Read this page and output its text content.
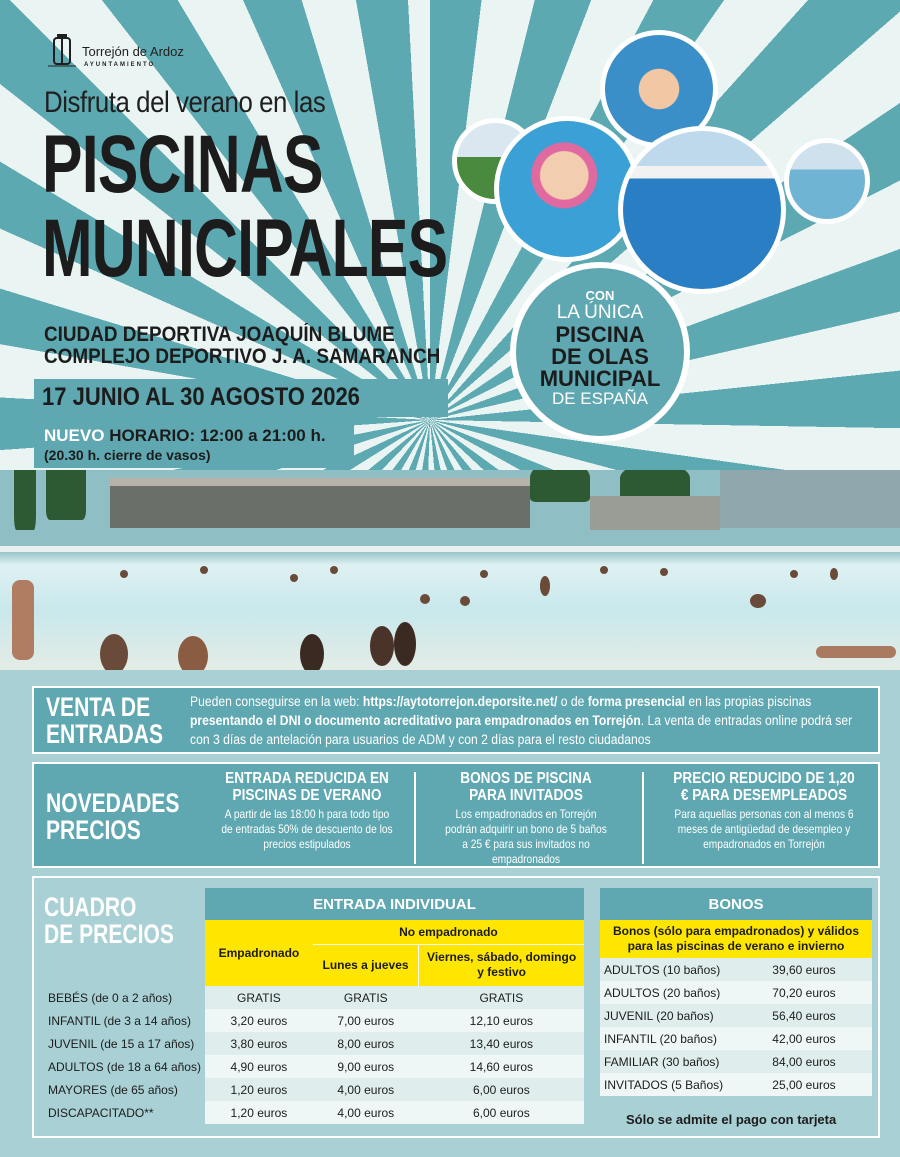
Torrejón de Ardoz
AYUNTAMIENTO
Disfruta del verano en las
PISCINAS
MUNICIPALES
CIUDAD DEPORTIVA JOAQUÍN BLUME
COMPLEJO DEPORTIVO J. A. SAMARANCH
17 JUNIO AL 30 AGOSTO 2026
NUEVO HORARIO: 12:00 a 21:00 h.
(20.30 h. cierre de vasos)
CON
LA ÚNICA
PISCINA
DE OLAS
MUNICIPAL
DE ESPAÑA
VENTA DE
ENTRADAS
Pueden conseguirse en la web: https://aytotorrejon.deporsite.net/ o de forma presencial en las propias piscinas presentando el DNI o documento acreditativo para empadronados en Torrejón. La venta de entradas online podrá ser con 3 días de antelación para usuarios de ADM y con 2 días para el resto ciudadanos
NOVEDADES
PRECIOS
ENTRADA REDUCIDA EN PISCINAS DE VERANO
A partir de las 18:00 h para todo tipo de entradas 50% de descuento de los precios estipulados
BONOS DE PISCINA PARA INVITADOS
Los empadronados en Torrejón podrán adquirir un bono de 5 baños a 25 € para sus invitados no empadronados
PRECIO REDUCIDO DE 1,20 € PARA DESEMPLEADOS
Para aquellas personas con al menos 6 meses de antigüedad de desempleo y empadronados en Torrejón
CUADRO
DE PRECIOS
	ENTRADA INDIVIDUAL		
	Empadronado	No empadronado	
		Lunes a jueves	Viernes, sábado, domingo y festivo
BEBÉS (de 0 a 2 años)	GRATIS	GRATIS	GRATIS
INFANTIL (de 3 a 14 años)	3,20 euros	7,00 euros	12,10 euros
JUVENIL (de 15 a 17 años)	3,80 euros	8,00 euros	13,40 euros
ADULTOS (de 18 a 64 años)	4,90 euros	9,00 euros	14,60 euros
MAYORES (de 65 años)	1,20 euros	4,00 euros	6,00 euros
DISCAPACITADO**	1,20 euros	4,00 euros	6,00 euros
BONOS	
Bonos (sólo para empadronados) y válidos para las piscinas de verano e invierno	
ADULTOS (10 baños)	39,60 euros
ADULTOS (20 baños)	70,20 euros
JUVENIL (20 baños)	56,40 euros
INFANTIL (20 baños)	42,00 euros
FAMILIAR (30 baños)	84,00 euros
INVITADOS (5 Baños)	25,00 euros
Sólo se admite el pago con tarjeta
